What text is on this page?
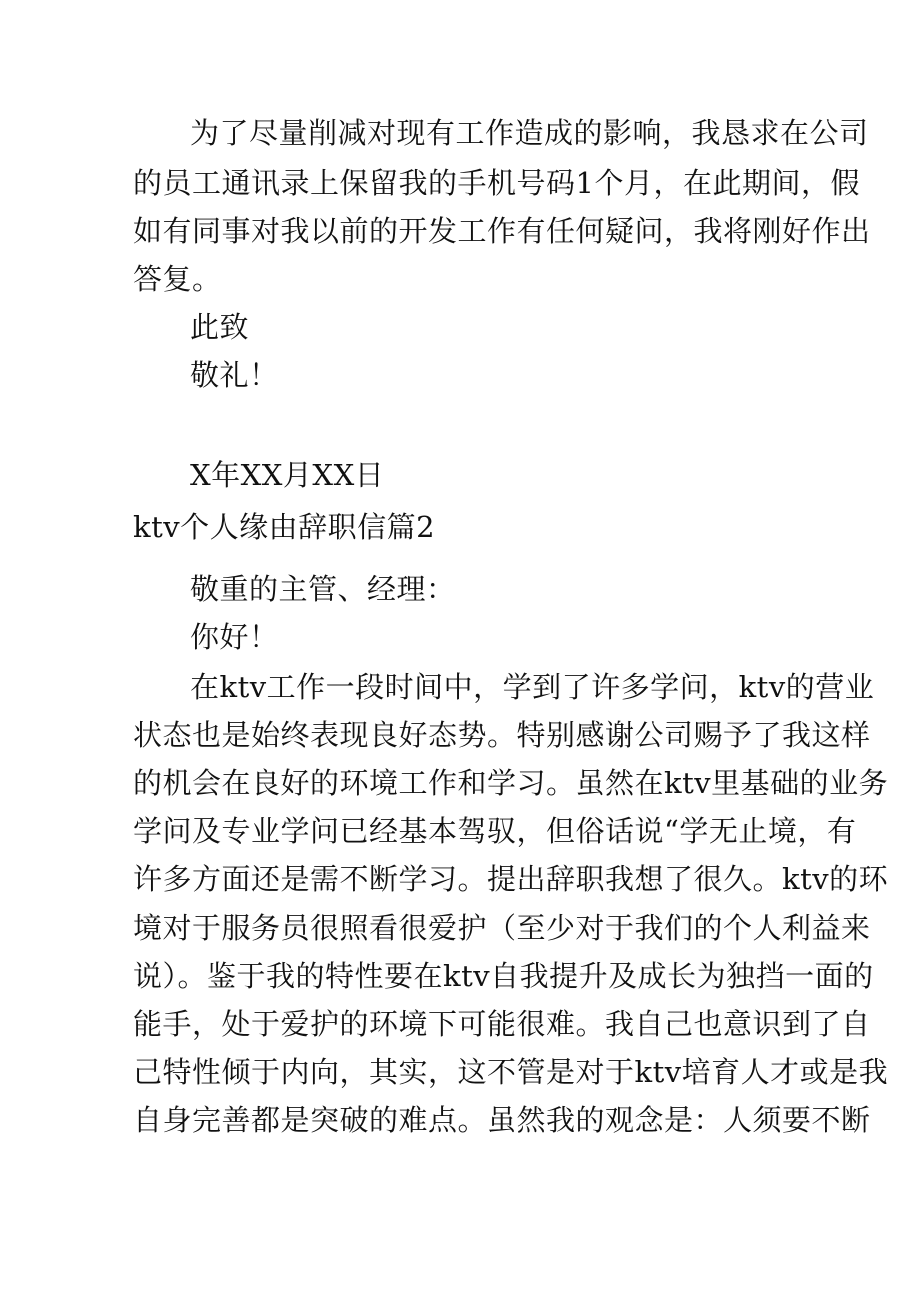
为了尽量削减对现有工作造成的影响，我恳求在公司
的员工通讯录上保留我的手机号码1个月，在此期间，假
如有同事对我以前的开发工作有任何疑问，我将刚好作出
答复。
此致
敬礼！
X年XX月XX日
ktv个人缘由辞职信篇2
敬重的主管、经理：
你好！
在ktv工作一段时间中，学到了许多学问，ktv的营业
状态也是始终表现良好态势。特别感谢公司赐予了我这样
的机会在良好的环境工作和学习。虽然在ktv里基础的业务
学问及专业学问已经基本驾驭，但俗话说“学无止境，有
许多方面还是需不断学习。提出辞职我想了很久。ktv的环
境对于服务员很照看很爱护（至少对于我们的个人利益来
说）。鉴于我的特性要在ktv自我提升及成长为独挡一面的
能手，处于爱护的环境下可能很难。我自己也意识到了自
己特性倾于内向，其实，这不管是对于ktv培育人才或是我
自身完善都是突破的难点。虽然我的观念是：人须要不断
